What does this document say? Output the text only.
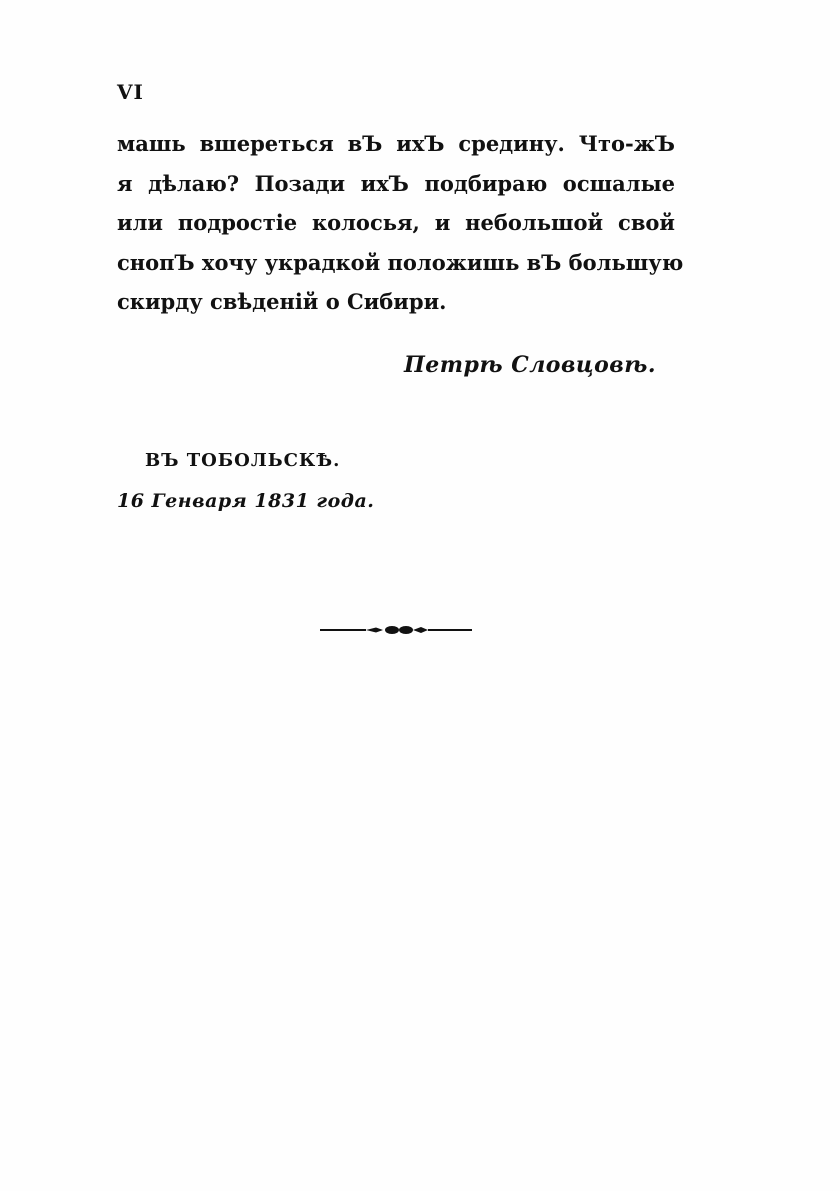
VI
машь вшереться вЪ ихЪ средину. Что-жЪ
я дѣлаю? Позади ихЪ подбираю осшалые
или подростіе колосья, и небольшой свой
снопЪ хочу украдкой положишь вЪ большую
скирду свѣденій о Сибири.
Петрѣ Словцовѣ.
ВЪ ТОБОЛЬСКѢ.
16 Генваря 1831 года.
